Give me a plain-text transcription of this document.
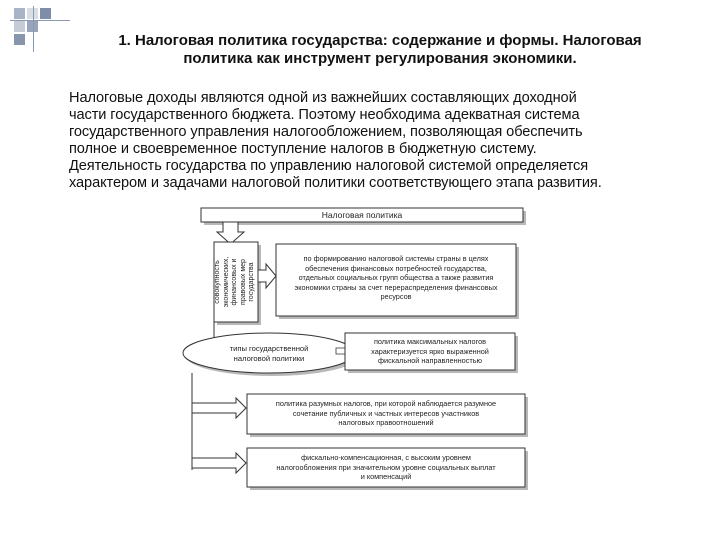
1. Налоговая политика государства: содержание и формы. Налоговая
политика как инструмент регулирования экономики.
Налоговые доходы являются одной из важнейших составляющих доходной
части государственного бюджета. Поэтому необходима адекватная система
государственного управления налогообложением, позволяющая обеспечить
полное и своевременное поступление налогов в бюджетную систему.
Деятельность государства по управлению налоговой системой определяется
характером и задачами налоговой политики соответствующего этапа развития.
Налоговая политика
совокупность экономических, финансовых и правовых мер государства
по формированию налоговой системы страны в целях
обеспечения финансовых потребностей государства,
отдельных социальных групп общества а также развития
экономики страны за счет перераспределения финансовых
ресурсов
типы государственной
налоговой политики
политика максимальных налогов
характеризуется ярко выраженной
фискальной направленностью
политика разумных налогов, при которой наблюдается разумное
сочетание публичных и частных интересов участников
налоговых правоотношений
фискально-компенсационная, с высоким уровнем
налогообложения при значительном уровне социальных выплат
и компенсаций
